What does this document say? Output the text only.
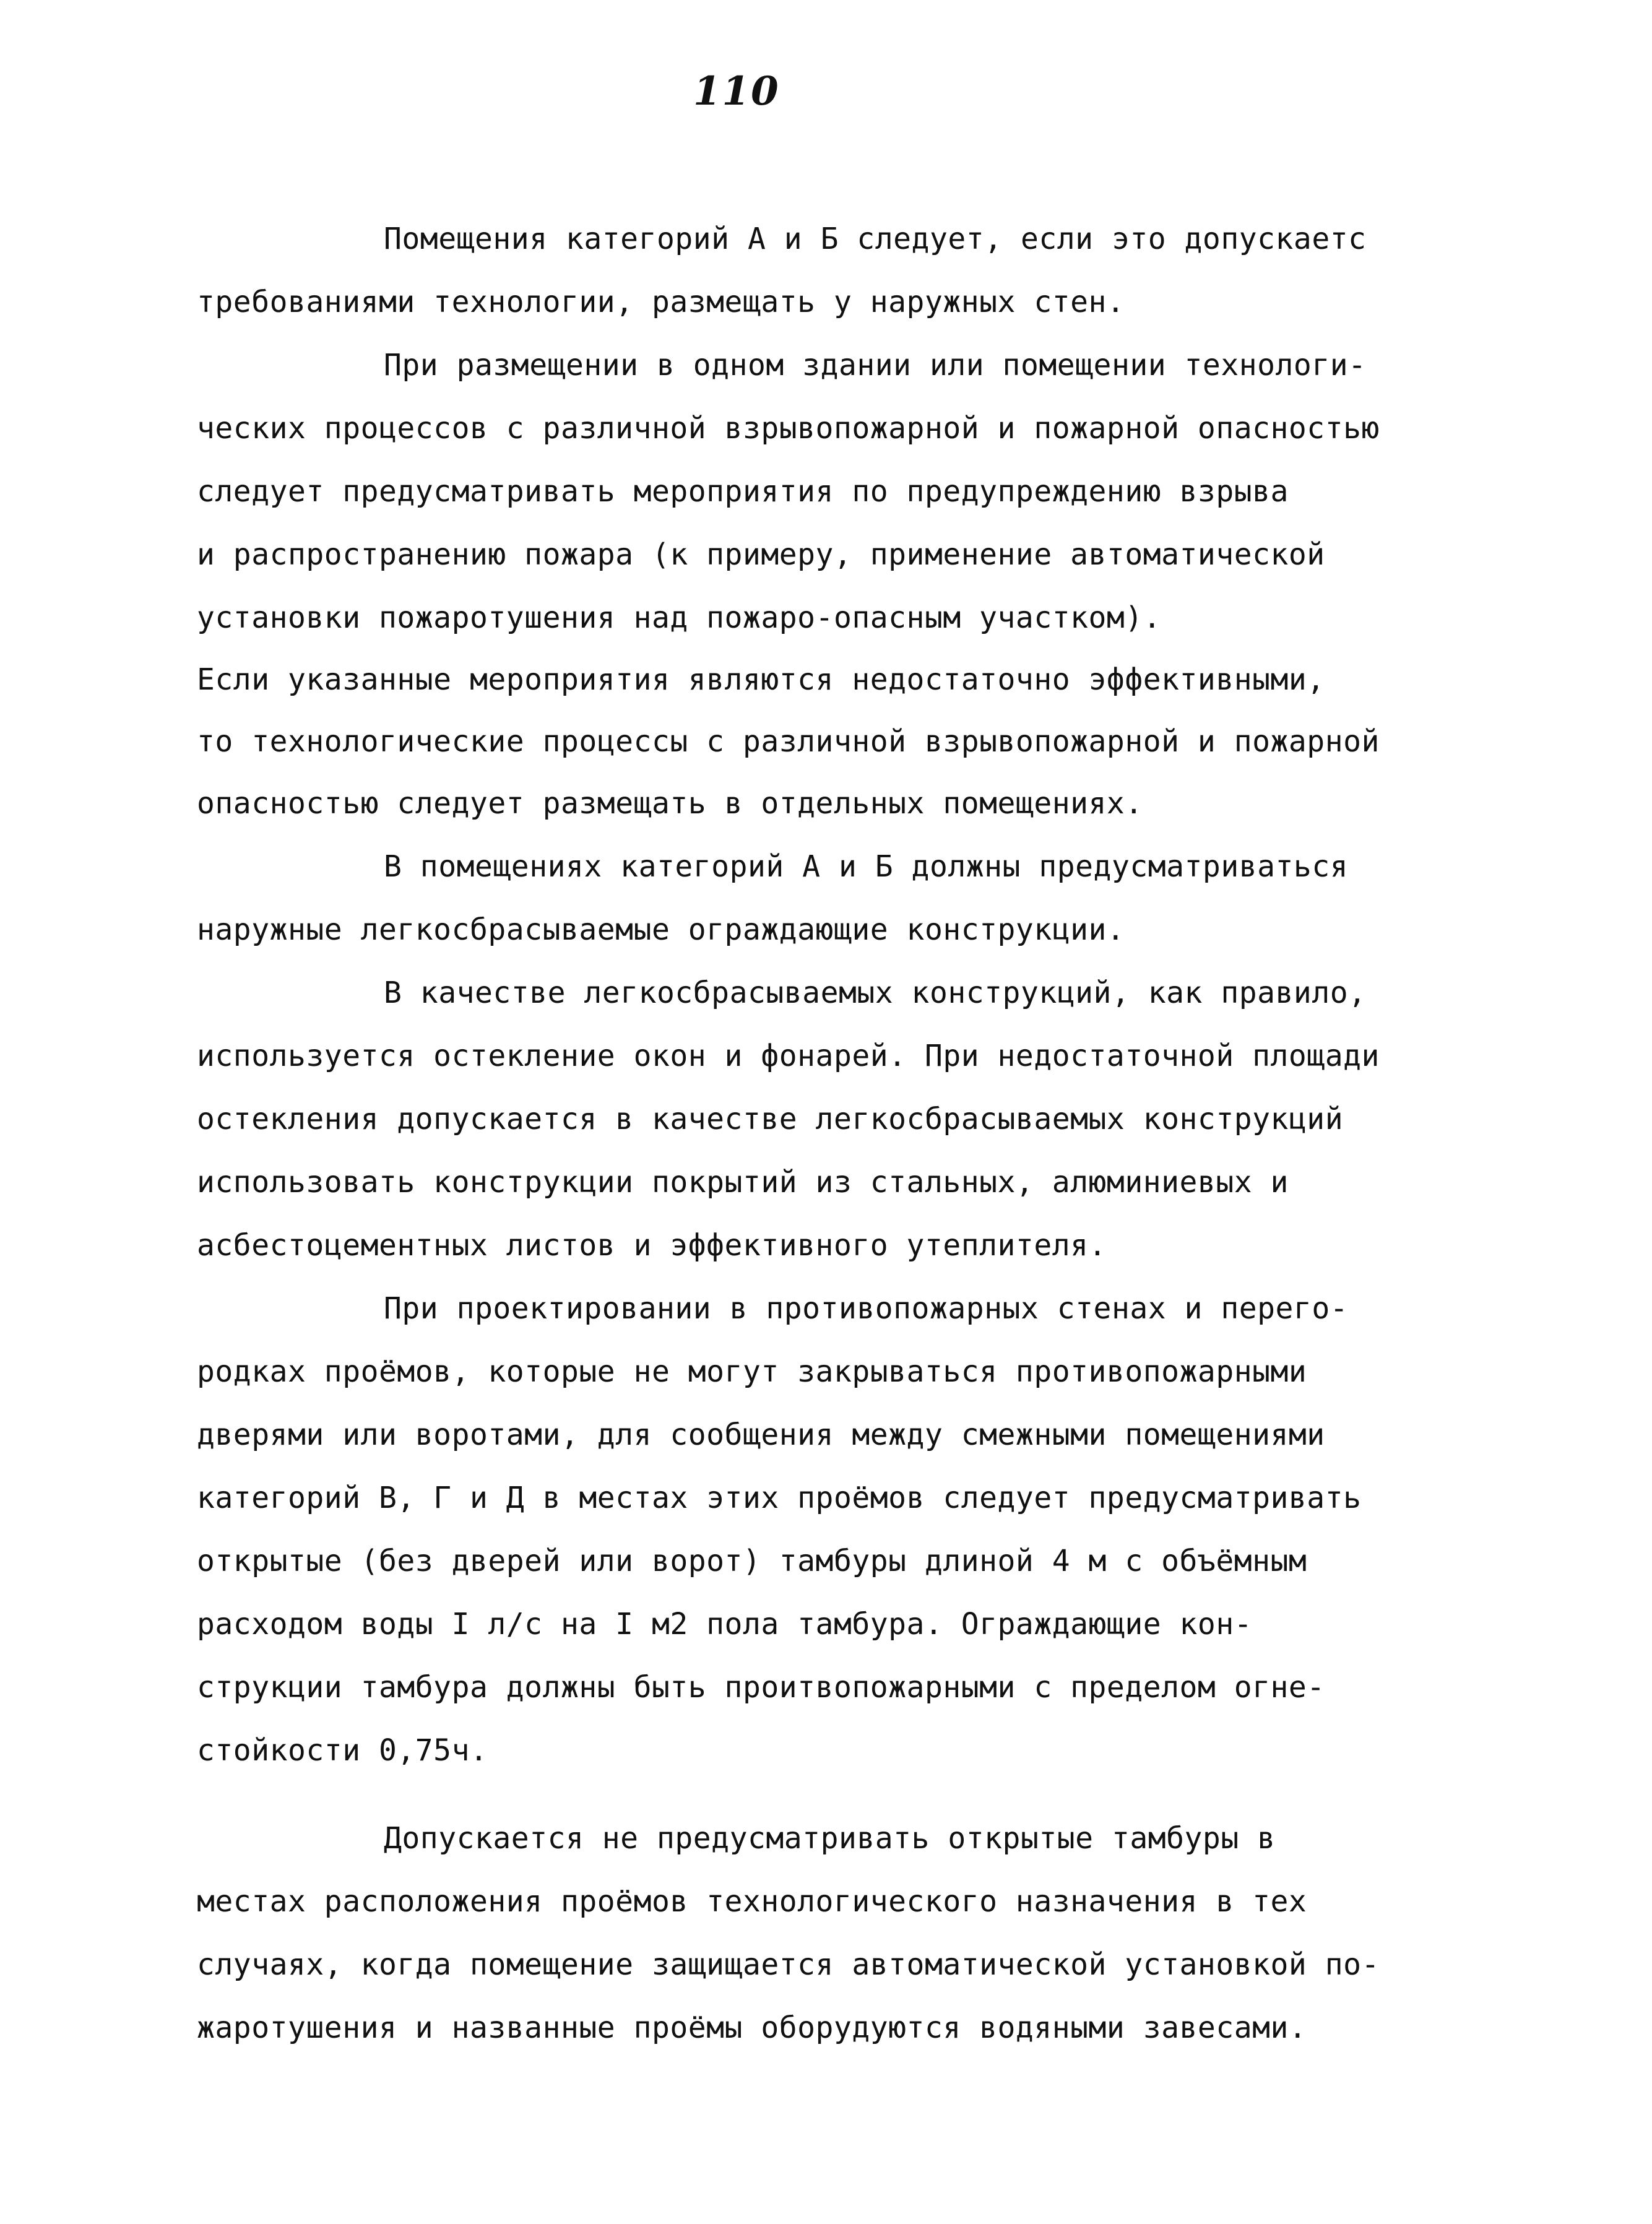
110
Помещения категорий А и Б следует, если это допускаетс
требованиями технологии, размещать у наружных стен.
При размещении в одном здании или помещении технологи-
ческих процессов с различной взрывопожарной и пожарной опасностью
следует предусматривать мероприятия по предупреждению взрыва
и распространению пожара (к примеру, применение автоматической
установки пожаротушения над пожаро-опасным участком).
Если указанные мероприятия являются недостаточно эффективными,
то технологические процессы с различной взрывопожарной и пожарной
опасностью следует размещать в отдельных помещениях.
В помещениях категорий А и Б должны предусматриваться
наружные легкосбрасываемые ограждающие конструкции.
В качестве легкосбрасываемых конструкций, как правило,
используется остекление окон и фонарей. При недостаточной площади
остекления допускается в качестве легкосбрасываемых конструкций
использовать конструкции покрытий из стальных, алюминиевых и
асбестоцементных листов и эффективного утеплителя.
При проектировании в противопожарных стенах и перего-
родках проёмов, которые не могут закрываться противопожарными
дверями или воротами, для сообщения между смежными помещениями
категорий В, Г и Д в местах этих проёмов следует предусматривать
открытые (без дверей или ворот) тамбуры длиной 4 м с объёмным
расходом воды I л/с на I м2 пола тамбура. Ограждающие кон-
струкции тамбура должны быть проитвопожарными с пределом огне-
стойкости 0,75ч.
Допускается не предусматривать открытые тамбуры в
местах расположения проёмов технологического назначения в тех
случаях, когда помещение защищается автоматической установкой по-
жаротушения и названные проёмы оборудуются водяными завесами.
